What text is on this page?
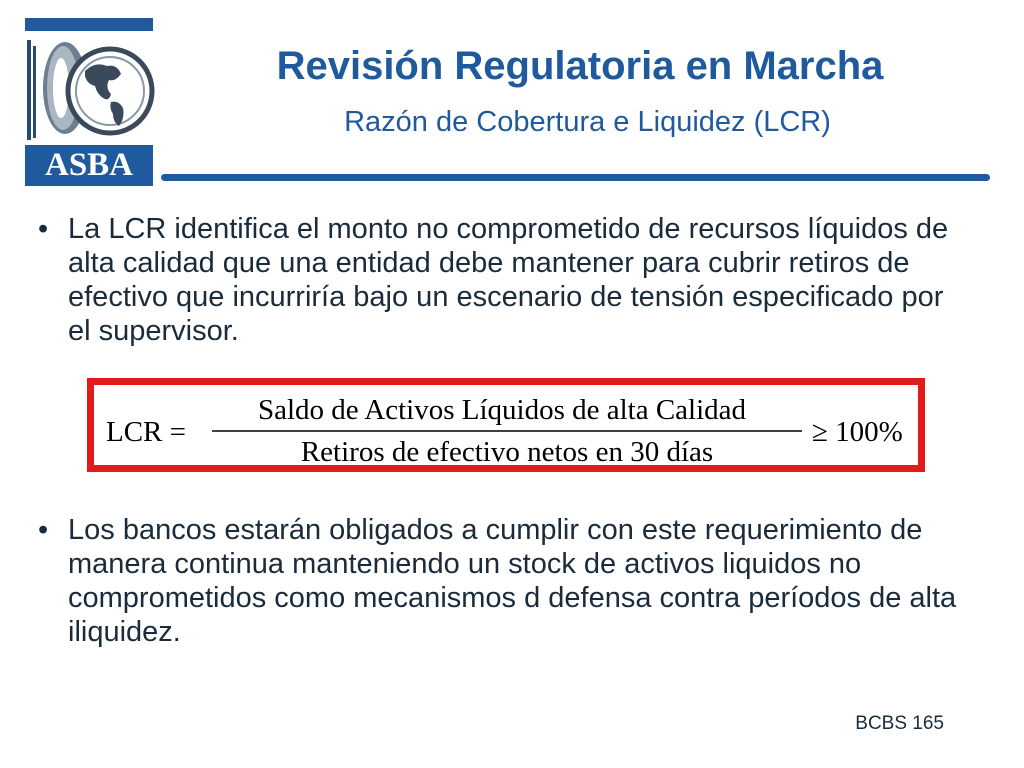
ASBA
Revisión Regulatoria en Marcha

Razón de Cobertura e Liquidez (LCR)

• La LCR identifica el monto no comprometido de recursos líquidos de alta calidad que una entidad debe mantener para cubrir retiros de efectivo que incurriría bajo un escenario de tensión especificado por el supervisor.
LCR =
Saldo de Activos Líquidos de alta Calidad
Retiros de efectivo netos en 30 días
≥ 100%
• Los bancos estarán obligados a cumplir con este requerimiento de manera continua manteniendo un stock de activos liquidos no comprometidos como mecanismos d defensa contra períodos de alta iliquidez.
BCBS 165
